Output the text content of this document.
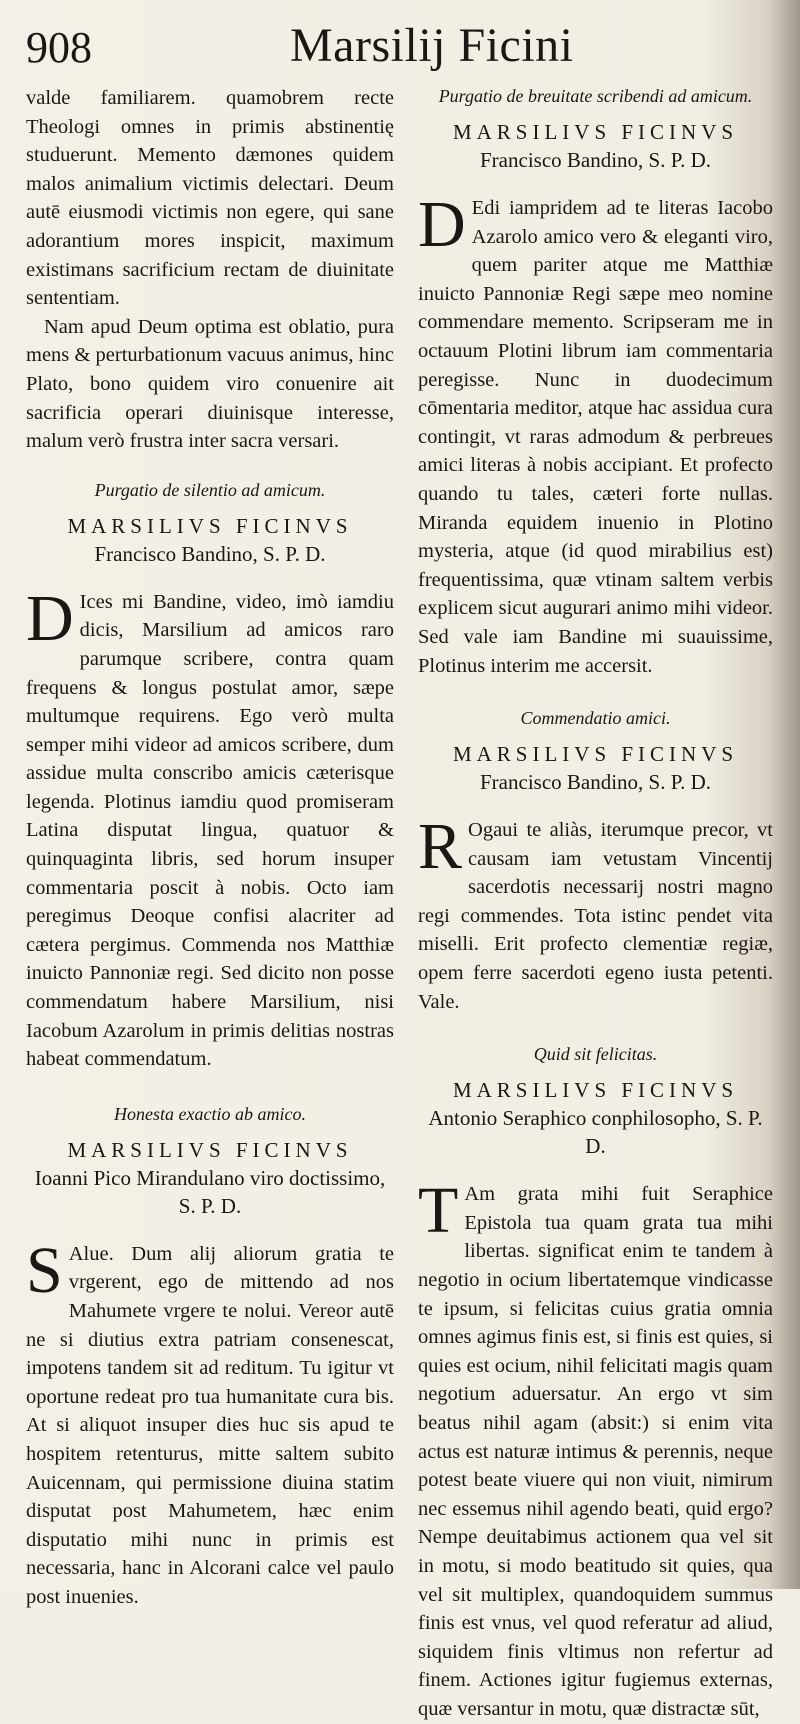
908	Marsilij Ficini

valde familiarem. quamobrem recte Theologi omnes in primis abstinentię studuerunt. Memento dæmones quidem malos animalium victimis delectari. Deum autē eiusmodi victimis non egere, qui sane adorantium mores inspicit, maximum existimans sacrificium rectam de diuinitate sententiam.

Nam apud Deum optima est oblatio, pura mens & perturbationum vacuus animus, hinc Plato, bono quidem viro conuenire ait sacrificia operari diuinisque interesse, malum verò frustra inter sacra versari.

Purgatio de silentio ad amicum.
MARSILIVS FICINVS
Francisco Bandino, S. P. D.

D Ices mi Bandine, video, imò iamdiu dicis, Marsilium ad amicos raro parumque scribere, contra quam frequens & longus postulat amor, sæpe multumque requirens. Ego verò multa semper mihi videor ad amicos scribere, dum assidue multa conscribo amicis cæterisque legenda. Plotinus iamdiu quod promiseram Latina disputat lingua, quatuor & quinquaginta libris, sed horum insuper commentaria poscit à nobis. Octo iam peregimus Deoque confisi alacriter ad cætera pergimus. Commenda nos Matthiæ inuicto Pannoniæ regi. Sed dicito non posse commendatum habere Marsilium, nisi Iacobum Azarolum in primis delitias nostras habeat commendatum.

Honesta exactio ab amico.
MARSILIVS FICINVS
Ioanni Pico Mirandulano viro doctissimo, S. P. D.

S Alue. Dum alij aliorum gratia te vrgerent, ego de mittendo ad nos Mahumete vrgere te nolui. Vereor autē ne si diutius extra patriam consenescat, impotens tandem sit ad reditum. Tu igitur vt oportune redeat pro tua humanitate cura bis. At si aliquot insuper dies huc sis apud te hospitem retenturus, mitte saltem subito Auicennam, qui permissione diuina statim disputat post Mahumetem, hæc enim disputatio mihi nunc in primis est necessaria, hanc in Alcorani calce vel paulo post inuenies.

Purgatio de breuitate scribendi ad amicum.
MARSILIVS FICINVS
Francisco Bandino, S. P. D.

D Edi iampridem ad te literas Iacobo Azarolo amico vero & eleganti viro, quem pariter atque me Matthiæ inuicto Pannoniæ Regi sæpe meo nomine commendare memento. Scripseram me in octauum Plotini librum iam commentaria peregisse. Nunc in duodecimum cōmentaria meditor, atque hac assidua cura contingit, vt raras admodum & perbreues amici literas à nobis accipiant. Et profecto quando tu tales, cæteri forte nullas. Miranda equidem inuenio in Plotino mysteria, atque (id quod mirabilius est) frequentissima, quæ vtinam saltem verbis explicem sicut augurari animo mihi videor. Sed vale iam Bandine mi suauissime, Plotinus interim me accersit.

Commendatio amici.
MARSILIVS FICINVS
Francisco Bandino, S. P. D.

R Ogaui te aliàs, iterumque precor, vt causam iam vetustam Vincentij sacerdotis necessarij nostri magno regi commendes. Tota istinc pendet vita miselli. Erit profecto clementiæ regiæ, opem ferre sacerdoti egeno iusta petenti. Vale.

Quid sit felicitas.
MARSILIVS FICINVS
Antonio Seraphico conphilosopho, S. P. D.

T Am grata mihi fuit Seraphice Epistola tua quam grata tua mihi libertas. significat enim te tandem à negotio in ocium libertatemque vindicasse te ipsum, si felicitas cuius gratia omnia omnes agimus finis est, si finis est quies, si quies est ocium, nihil felicitati magis quam negotium aduersatur. An ergo vt sim beatus nihil agam (absit:) si enim vita actus est naturæ intimus & perennis, neque potest beate viuere qui non viuit, nimirum nec essemus nihil agendo beati, quid ergo? Nempe deuitabimus actionem qua vel sit in motu, si modo beatitudo sit quies, qua vel sit multiplex, quandoquidem summus finis est vnus, vel quod referatur ad aliud, siquidem finis vltimus non refertur ad finem. Actiones igitur fugiemus externas, quæ versantur in motu, quæ distractæ sūt,
